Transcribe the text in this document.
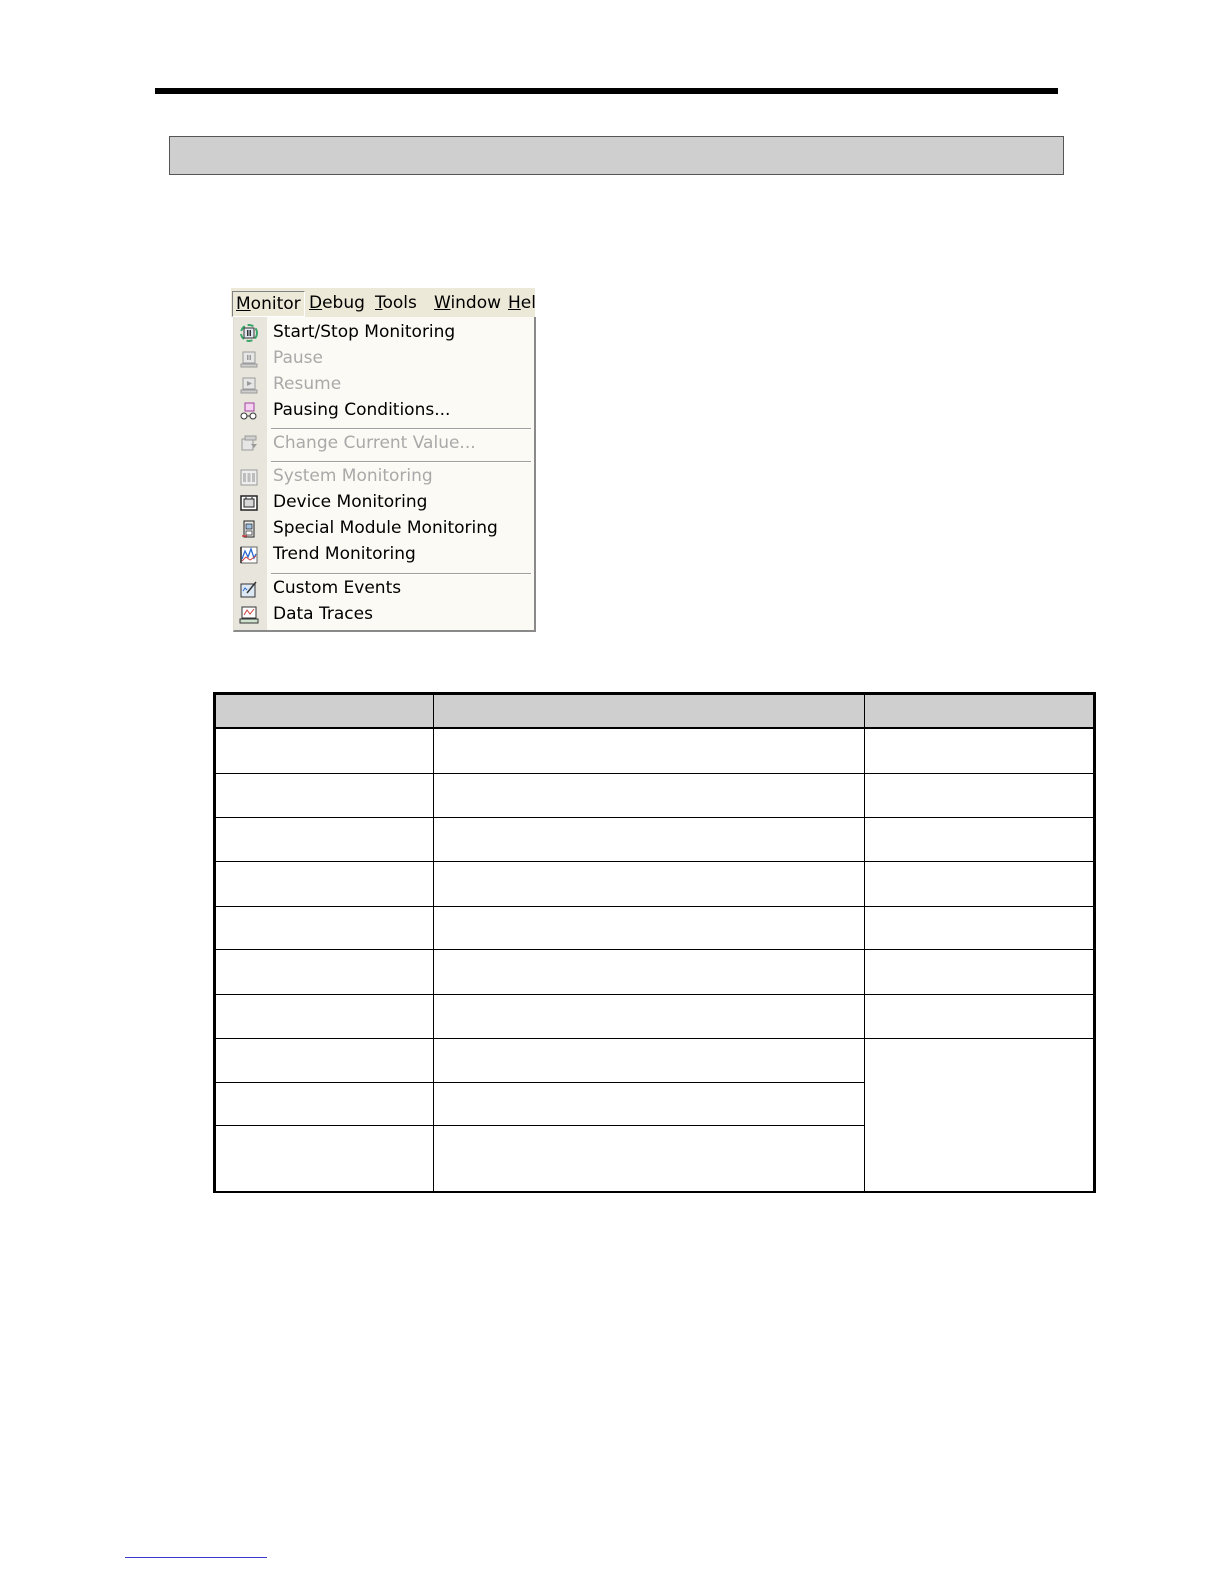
Monitor Debug Tools Window Hel
Start/Stop Monitoring
Pause
Resume
Pausing Conditions...
Change Current Value...
System Monitoring
Device Monitoring
Special Module Monitoring
Trend Monitoring
Custom Events
Data Traces
